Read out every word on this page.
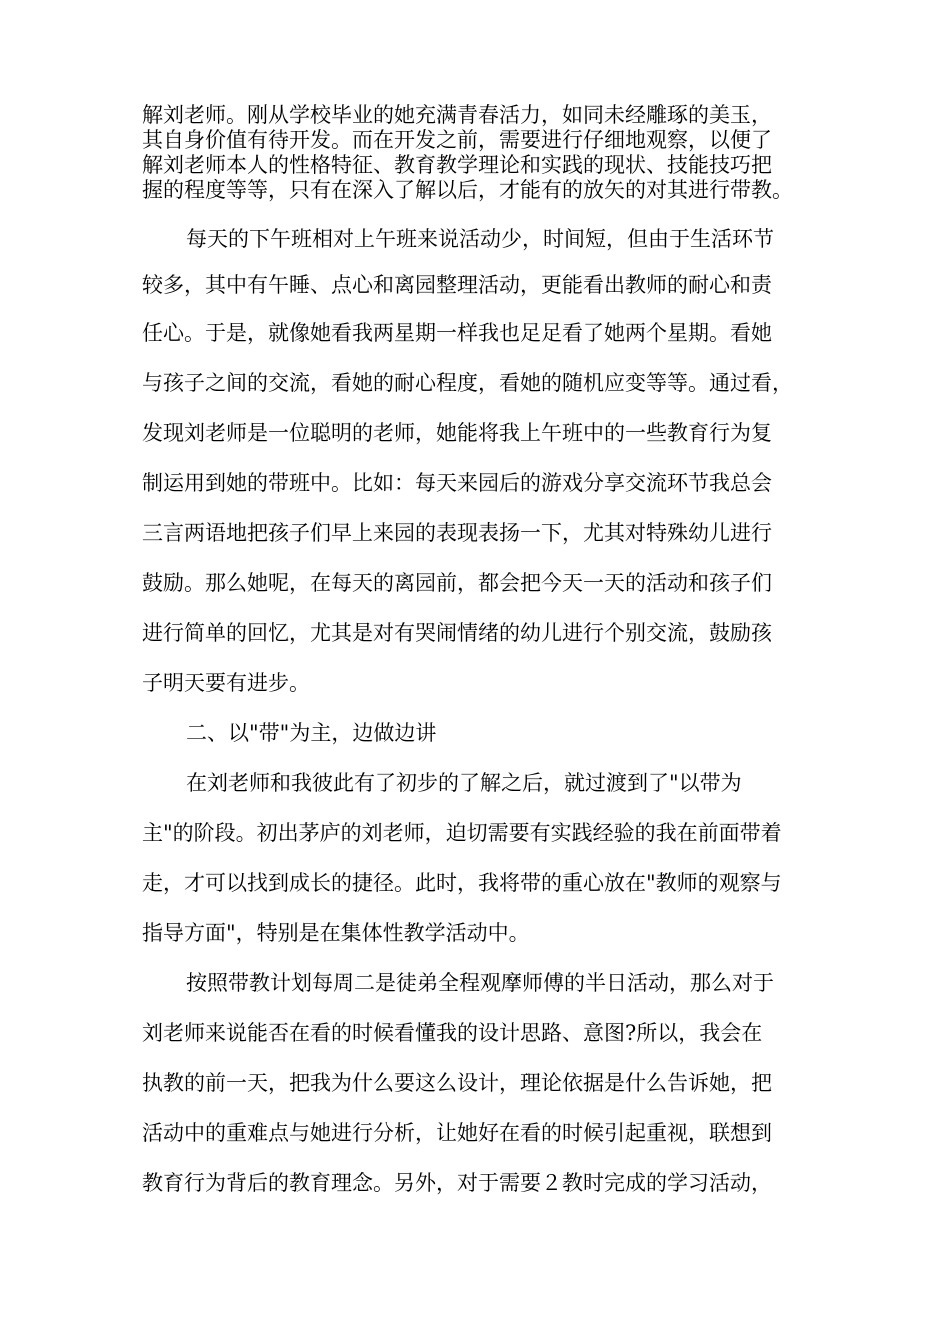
解刘老师。刚从学校毕业的她充满青春活力，如同未经雕琢的美玉，
其自身价值有待开发。而在开发之前，需要进行仔细地观察，以便了
解刘老师本人的性格特征、教育教学理论和实践的现状、技能技巧把
握的程度等等，只有在深入了解以后，才能有的放矢的对其进行带教。
每天的下午班相对上午班来说活动少，时间短，但由于生活环节
较多，其中有午睡、点心和离园整理活动，更能看出教师的耐心和责
任心。于是，就像她看我两星期一样我也足足看了她两个星期。看她
与孩子之间的交流，看她的耐心程度，看她的随机应变等等。通过看，
发现刘老师是一位聪明的老师，她能将我上午班中的一些教育行为复
制运用到她的带班中。比如：每天来园后的游戏分享交流环节我总会
三言两语地把孩子们早上来园的表现表扬一下，尤其对特殊幼儿进行
鼓励。那么她呢，在每天的离园前，都会把今天一天的活动和孩子们
进行简单的回忆，尤其是对有哭闹情绪的幼儿进行个别交流，鼓励孩
子明天要有进步。
二、以"带"为主，边做边讲
在刘老师和我彼此有了初步的了解之后，就过渡到了"以带为
主"的阶段。初出茅庐的刘老师，迫切需要有实践经验的我在前面带着
走，才可以找到成长的捷径。此时，我将带的重心放在"教师的观察与
指导方面"，特别是在集体性教学活动中。
按照带教计划每周二是徒弟全程观摩师傅的半日活动，那么对于
刘老师来说能否在看的时候看懂我的设计思路、意图?所以，我会在
执教的前一天，把我为什么要这么设计，理论依据是什么告诉她，把
活动中的重难点与她进行分析，让她好在看的时候引起重视，联想到
教育行为背后的教育理念。另外，对于需要２教时完成的学习活动，
